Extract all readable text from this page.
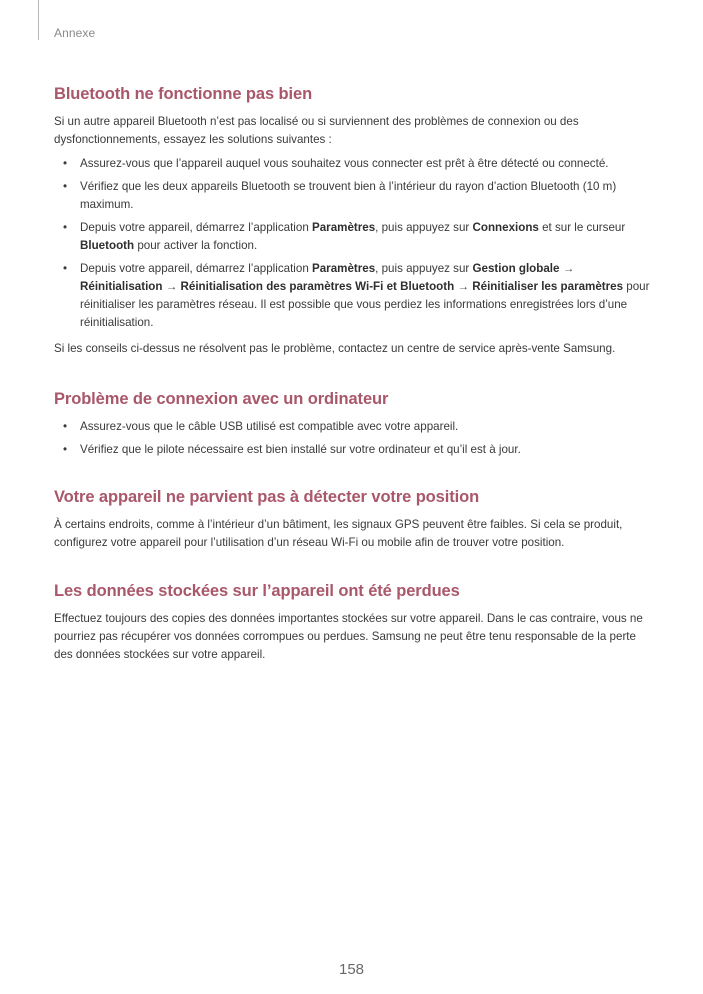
Annexe
Bluetooth ne fonctionne pas bien

Si un autre appareil Bluetooth n’est pas localisé ou si surviennent des problèmes de connexion ou des dysfonctionnements, essayez les solutions suivantes :

• Assurez-vous que l’appareil auquel vous souhaitez vous connecter est prêt à être détecté ou connecté.
• Vérifiez que les deux appareils Bluetooth se trouvent bien à l’intérieur du rayon d’action Bluetooth (10 m) maximum.
• Depuis votre appareil, démarrez l’application Paramètres, puis appuyez sur Connexions et sur le curseur Bluetooth pour activer la fonction.
• Depuis votre appareil, démarrez l’application Paramètres, puis appuyez sur Gestion globale → Réinitialisation → Réinitialisation des paramètres Wi-Fi et Bluetooth → Réinitialiser les paramètres pour réinitialiser les paramètres réseau. Il est possible que vous perdiez les informations enregistrées lors d’une réinitialisation.

Si les conseils ci-dessus ne résolvent pas le problème, contactez un centre de service après-vente Samsung.

Problème de connexion avec un ordinateur
• Assurez-vous que le câble USB utilisé est compatible avec votre appareil.
• Vérifiez que le pilote nécessaire est bien installé sur votre ordinateur et qu’il est à jour.
Votre appareil ne parvient pas à détecter votre position

À certains endroits, comme à l’intérieur d’un bâtiment, les signaux GPS peuvent être faibles. Si cela se produit, configurez votre appareil pour l’utilisation d’un réseau Wi-Fi ou mobile afin de trouver votre position.

Les données stockées sur l’appareil ont été perdues

Effectuez toujours des copies des données importantes stockées sur votre appareil. Dans le cas contraire, vous ne pourriez pas récupérer vos données corrompues ou perdues. Samsung ne peut être tenu responsable de la perte des données stockées sur votre appareil.

158
